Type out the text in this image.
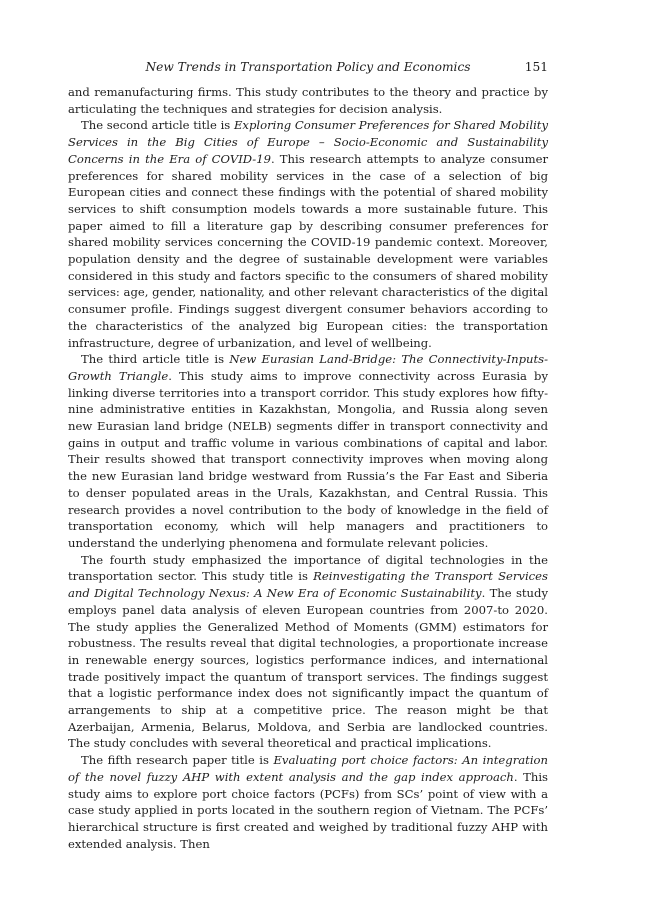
New Trends in Transportation Policy and Economics	151

and remanufacturing firms. This study contributes to the theory and practice by articulating the techniques and strategies for decision analysis.

The second article title is Exploring Consumer Preferences for Shared Mobility Services in the Big Cities of Europe – Socio-Economic and Sustainability Concerns in the Era of COVID-19. This research attempts to analyze consumer preferences for shared mobility services in the case of a selection of big European cities and connect these findings with the potential of shared mobility services to shift consumption models towards a more sustainable future. This paper aimed to fill a literature gap by describing consumer preferences for shared mobility services concerning the COVID-19 pandemic context. Moreover, population density and the degree of sustainable development were variables considered in this study and factors specific to the consumers of shared mobility services: age, gender, nationality, and other relevant characteristics of the digital consumer profile. Findings suggest divergent consumer behaviors according to the characteristics of the analyzed big European cities: the transportation infrastructure, degree of urbanization, and level of wellbeing.

The third article title is New Eurasian Land-Bridge: The Connectivity-Inputs-Growth Triangle. This study aims to improve connectivity across Eurasia by linking diverse territories into a transport corridor. This study explores how fifty-nine administrative entities in Kazakhstan, Mongolia, and Russia along seven new Eurasian land bridge (NELB) segments differ in transport connectivity and gains in output and traffic volume in various combinations of capital and labor. Their results showed that transport connectivity improves when moving along the new Eurasian land bridge westward from Russia’s the Far East and Siberia to denser populated areas in the Urals, Kazakhstan, and Central Russia. This research provides a novel contribution to the body of knowledge in the field of transportation economy, which will help managers and practitioners to understand the underlying phenomena and formulate relevant policies.

The fourth study emphasized the importance of digital technologies in the transportation sector. This study title is Reinvestigating the Transport Services and Digital Technology Nexus: A New Era of Economic Sustainability. The study employs panel data analysis of eleven European countries from 2007-to 2020. The study applies the Generalized Method of Moments (GMM) estimators for robustness. The results reveal that digital technologies, a proportionate increase in renewable energy sources, logistics performance indices, and international trade positively impact the quantum of transport services. The findings suggest that a logistic performance index does not significantly impact the quantum of arrangements to ship at a competitive price. The reason might be that Azerbaijan, Armenia, Belarus, Moldova, and Serbia are landlocked countries. The study concludes with several theoretical and practical implications.

The fifth research paper title is Evaluating port choice factors: An integration of the novel fuzzy AHP with extent analysis and the gap index approach. This study aims to explore port choice factors (PCFs) from SCs’ point of view with a case study applied in ports located in the southern region of Vietnam. The PCFs’ hierarchical structure is first created and weighed by traditional fuzzy AHP with extended analysis. Then
